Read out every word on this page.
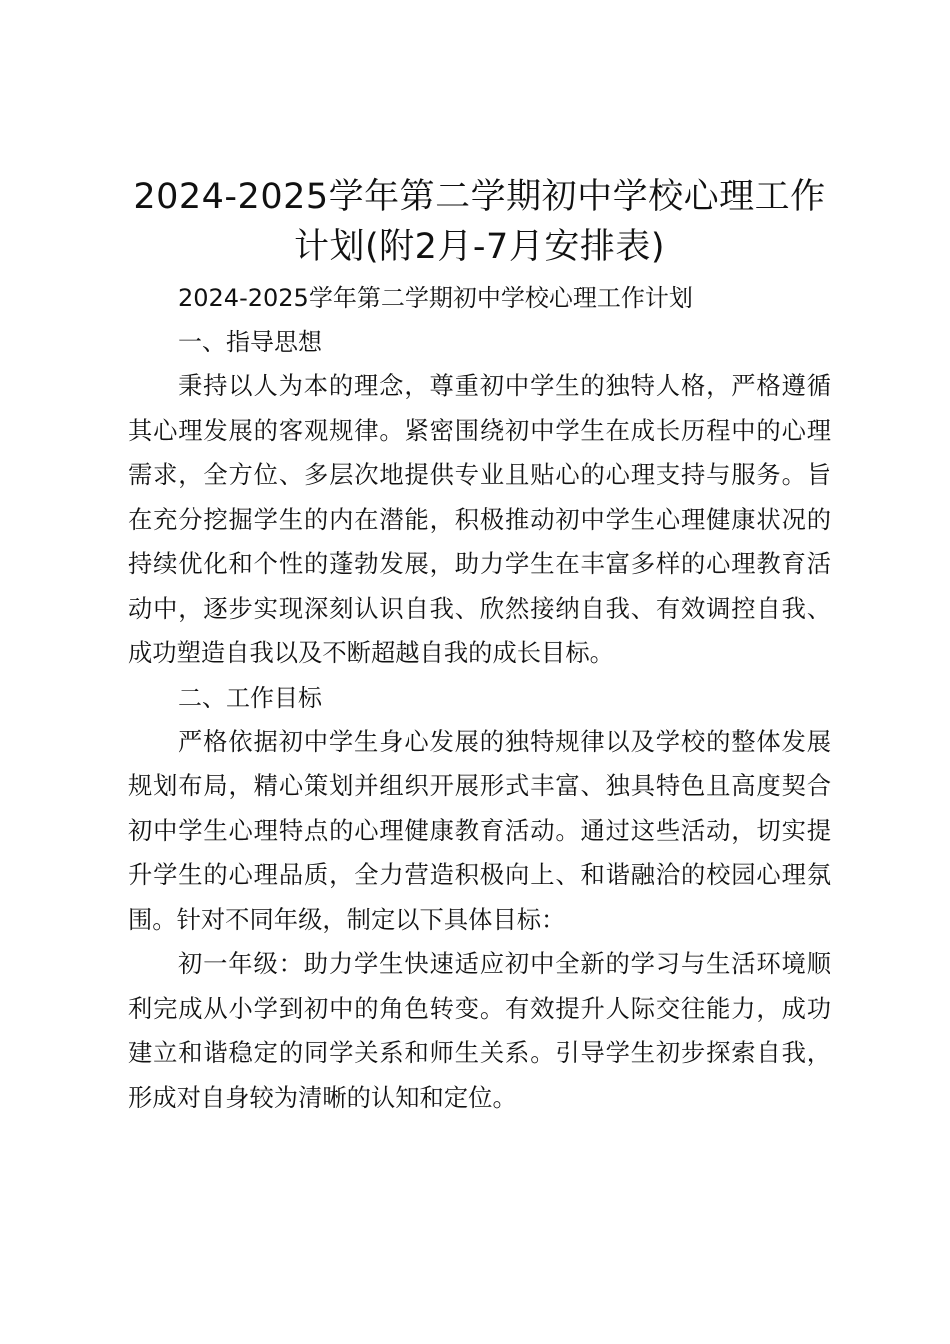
2024-2025学年第二学期初中学校心理工作计划(附2月-7月安排表)

2024-2025学年第二学期初中学校心理工作计划

一、指导思想

秉持以人为本的理念，尊重初中学生的独特人格，严格遵循其心理发展的客观规律。紧密围绕初中学生在成长历程中的心理需求，全方位、多层次地提供专业且贴心的心理支持与服务。旨在充分挖掘学生的内在潜能，积极推动初中学生心理健康状况的持续优化和个性的蓬勃发展，助力学生在丰富多样的心理教育活动中，逐步实现深刻认识自我、欣然接纳自我、有效调控自我、成功塑造自我以及不断超越自我的成长目标。

二、工作目标

严格依据初中学生身心发展的独特规律以及学校的整体发展规划布局，精心策划并组织开展形式丰富、独具特色且高度契合初中学生心理特点的心理健康教育活动。通过这些活动，切实提升学生的心理品质，全力营造积极向上、和谐融洽的校园心理氛围。针对不同年级，制定以下具体目标：

初一年级：助力学生快速适应初中全新的学习与生活环境顺利完成从小学到初中的角色转变。有效提升人际交往能力，成功建立和谐稳定的同学关系和师生关系。引导学生初步探索自我，形成对自身较为清晰的认知和定位。
